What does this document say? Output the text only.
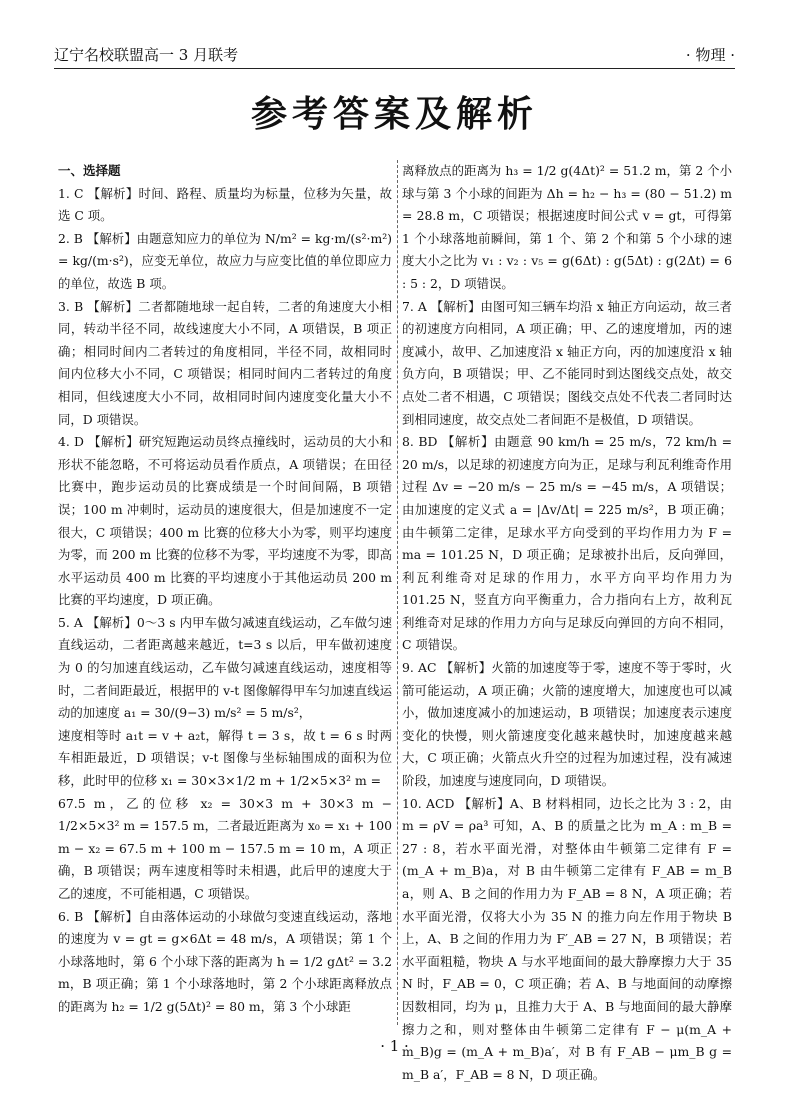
辽宁名校联盟高一 3 月联考	· 物理 ·
参考答案及解析

一、选择题

1. C 【解析】时间、路程、质量均为标量，位移为矢量，故选 C 项。

2. B 【解析】由题意知应力的单位为 N/m² = kg·m/(s²·m²) = kg/(m·s²)，应变无单位，故应力与应变比值的单位即应力的单位，故选 B 项。

3. B 【解析】二者都随地球一起自转，二者的角速度大小相同，转动半径不同，故线速度大小不同，A 项错误，B 项正确；相同时间内二者转过的角度相同，半径不同，故相同时间内位移大小不同，C 项错误；相同时间内二者转过的角度相同，但线速度大小不同，故相同时间内速度变化量大小不同，D 项错误。

4. D 【解析】研究短跑运动员终点撞线时，运动员的大小和形状不能忽略，不可将运动员看作质点，A 项错误；在田径比赛中，跑步运动员的比赛成绩是一个时间间隔，B 项错误；100 m 冲刺时，运动员的速度很大，但是加速度不一定很大，C 项错误；400 m 比赛的位移大小为零，则平均速度为零，而 200 m 比赛的位移不为零，平均速度不为零，即高水平运动员 400 m 比赛的平均速度小于其他运动员 200 m 比赛的平均速度，D 项正确。

5. A 【解析】0～3 s 内甲车做匀减速直线运动，乙车做匀速直线运动，二者距离越来越近，t=3 s 以后，甲车做初速度为 0 的匀加速直线运动，乙车做匀减速直线运动，速度相等时，二者间距最近，根据甲的 v-t 图像解得甲车匀加速直线运动的加速度 a₁ = 30/(9−3) m/s² = 5 m/s²，

速度相等时 a₁t = v + a₂t，解得 t = 3 s，故 t = 6 s 时两车相距最近，D 项错误；v-t 图像与坐标轴围成的面积为位移，此时甲的位移 x₁ = 30×3×1/2 m + 1/2×5×3² m =

67.5 m，乙的位移 x₂ = 30×3 m + 30×3 m − 1/2×5×3² m = 157.5 m，二者最近距离为 x₀ = x₁ + 100 m − x₂ = 67.5 m + 100 m − 157.5 m = 10 m，A 项正确，B 项错误；两车速度相等时未相遇，此后甲的速度大于乙的速度，不可能相遇，C 项错误。

6. B 【解析】自由落体运动的小球做匀变速直线运动，落地的速度为 v = gt = g×6Δt = 48 m/s，A 项错误；第 1 个小球落地时，第 6 个小球下落的距离为 h = 1/2 gΔt² = 3.2 m，B 项正确；第 1 个小球落地时，第 2 个小球距离释放点的距离为 h₂ = 1/2 g(5Δt)² = 80 m，第 3 个小球距

离释放点的距离为 h₃ = 1/2 g(4Δt)² = 51.2 m，第 2 个小球与第 3 个小球的间距为 Δh = h₂ − h₃ = (80 − 51.2) m = 28.8 m，C 项错误；根据速度时间公式 v = gt，可得第 1 个小球落地前瞬间，第 1 个、第 2 个和第 5 个小球的速度大小之比为 v₁ : v₂ : v₅ = g(6Δt) : g(5Δt) : g(2Δt) = 6 : 5 : 2，D 项错误。

7. A 【解析】由图可知三辆车均沿 x 轴正方向运动，故三者的初速度方向相同，A 项正确；甲、乙的速度增加，丙的速度减小，故甲、乙加速度沿 x 轴正方向，丙的加速度沿 x 轴负方向，B 项错误；甲、乙不能同时到达图线交点处，故交点处二者不相遇，C 项错误；图线交点处不代表二者同时达到相同速度，故交点处二者间距不是极值，D 项错误。

8. BD 【解析】由题意 90 km/h = 25 m/s，72 km/h = 20 m/s，以足球的初速度方向为正，足球与利瓦利维奇作用过程 Δv = −20 m/s − 25 m/s = −45 m/s，A 项错误；由加速度的定义式 a = |Δv/Δt| = 225 m/s²，B 项正确；由牛顿第二定律，足球水平方向受到的平均作用力为 F = ma = 101.25 N，D 项正确；足球被扑出后，反向弹回，利瓦利维奇对足球的作用力，水平方向平均作用力为 101.25 N，竖直方向平衡重力，合力指向右上方，故利瓦利维奇对足球的作用力方向与足球反向弹回的方向不相同，C 项错误。

9. AC 【解析】火箭的加速度等于零，速度不等于零时，火箭可能运动，A 项正确；火箭的速度增大，加速度也可以减小，做加速度减小的加速运动，B 项错误；加速度表示速度变化的快慢，则火箭速度变化越来越快时，加速度越来越大，C 项正确；火箭点火升空的过程为加速过程，没有减速阶段，加速度与速度同向，D 项错误。

10. ACD 【解析】A、B 材料相同，边长之比为 3 : 2，由 m = ρV = ρa³ 可知，A、B 的质量之比为 m_A : m_B = 27 : 8，若水平面光滑，对整体由牛顿第二定律有 F = (m_A + m_B)a，对 B 由牛顿第二定律有 F_AB = m_B a，则 A、B 之间的作用力为 F_AB = 8 N，A 项正确；若水平面光滑，仅将大小为 35 N 的推力向左作用于物块 B 上，A、B 之间的作用力为 F′_AB = 27 N，B 项错误；若水平面粗糙，物块 A 与水平地面间的最大静摩擦力大于 35 N 时，F_AB = 0，C 项正确；若 A、B 与地面间的动摩擦因数相同，均为 μ，且推力大于 A、B 与地面间的最大静摩擦力之和，则对整体由牛顿第二定律有 F − μ(m_A + m_B)g = (m_A + m_B)a′，对 B 有 F_AB − μm_B g = m_B a′，F_AB = 8 N，D 项正确。

· 1 ·
